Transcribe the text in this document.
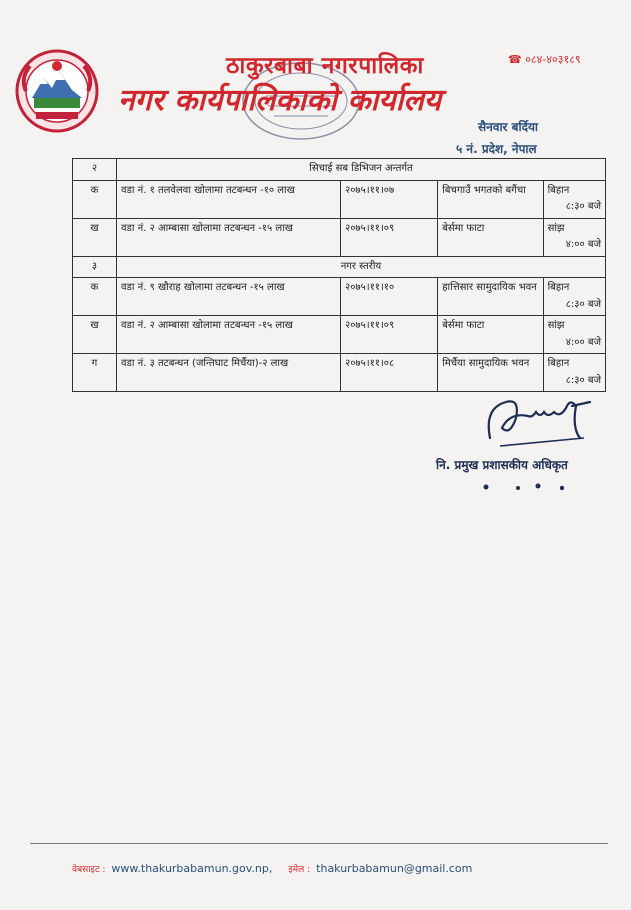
ठाकुरबाबा नगरपालिका
नगर कार्यपालिकाको कार्यालय
☎ ०८४-४०३१८९
सैनवार बर्दिया
५ नं. प्रदेश, नेपाल
२	सिचाई सब डिभिजन अन्तर्गत			
क	वडा नं. १ तलवेलवा खोलामा तटबन्धन -१० लाख	२०७५।११।०७	बिचगाउँ भगतको बगैंचा	बिहान
८:३० बजे

ख	वडा नं. २ आम्बासा खोलामा तटबन्धन -१५ लाख	२०७५।११।०९	बेर्समा फाटा	सांझ
४:०० बजे

३	नगर स्तरीय			
क	वडा नं. ९ खौराह खोलामा तटबन्धन -१५ लाख	२०७५।११।१०	हात्तिसार सामुदायिक भवन	बिहान
८:३० बजे

ख	वडा नं. २ आम्बासा खोलामा तटबन्धन -१५ लाख	२०७५।११।०९	बेर्समा फाटा	सांझ
४:०० बजे

ग	वडा नं. ३ तटबन्धन (जन्तिघाट मिर्चैया)-२ लाख	२०७५।११।०८	मिर्चैया सामुदायिक भवन	बिहान
८:३० बजे
नि. प्रमुख प्रशासकीय अधिकृत
वेबसाइट : www.thakurbabamun.gov.np, इमेल : thakurbabamun@gmail.com
